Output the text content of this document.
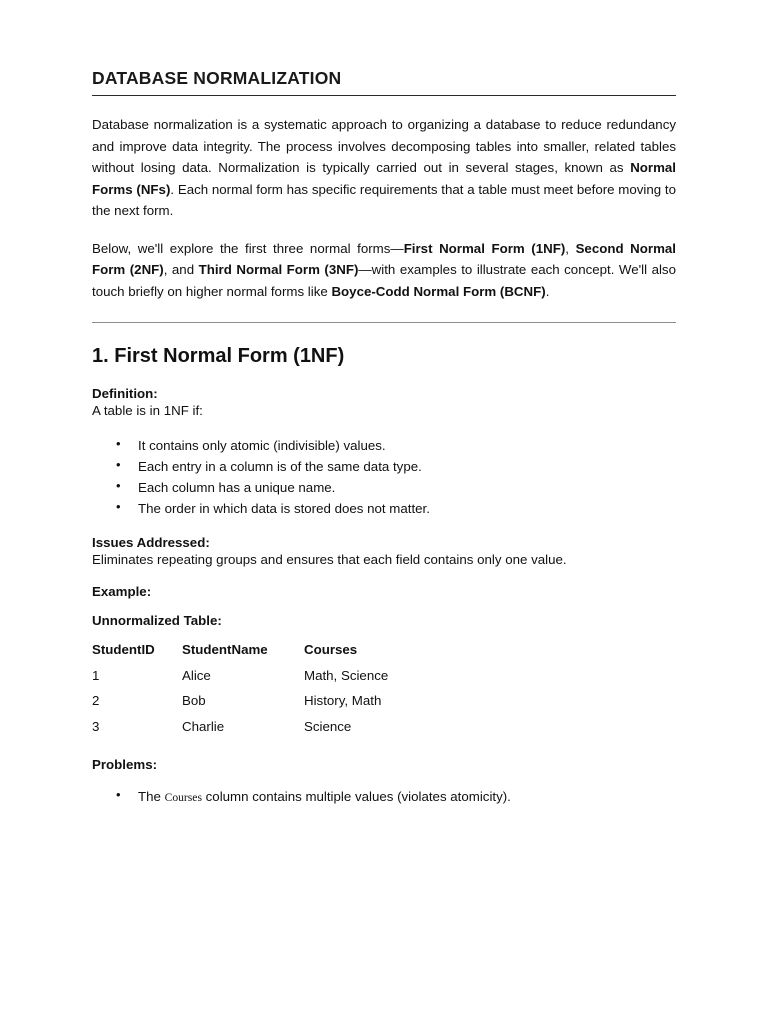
DATABASE NORMALIZATION

Database normalization is a systematic approach to organizing a database to reduce redundancy and improve data integrity. The process involves decomposing tables into smaller, related tables without losing data. Normalization is typically carried out in several stages, known as Normal Forms (NFs). Each normal form has specific requirements that a table must meet before moving to the next form.

Below, we'll explore the first three normal forms—First Normal Form (1NF), Second Normal Form (2NF), and Third Normal Form (3NF)—with examples to illustrate each concept. We'll also touch briefly on higher normal forms like Boyce-Codd Normal Form (BCNF).

1. First Normal Form (1NF)

Definition:

A table is in 1NF if:

• It contains only atomic (indivisible) values.
• Each entry in a column is of the same data type.
• Each column has a unique name.
• The order in which data is stored does not matter.

Issues Addressed:

Eliminates repeating groups and ensures that each field contains only one value.

Example:

Unnormalized Table:

StudentID	StudentName	Courses
1	Alice	Math, Science
2	Bob	History, Math
3	Charlie	Science

Problems:

• The Courses column contains multiple values (violates atomicity).
